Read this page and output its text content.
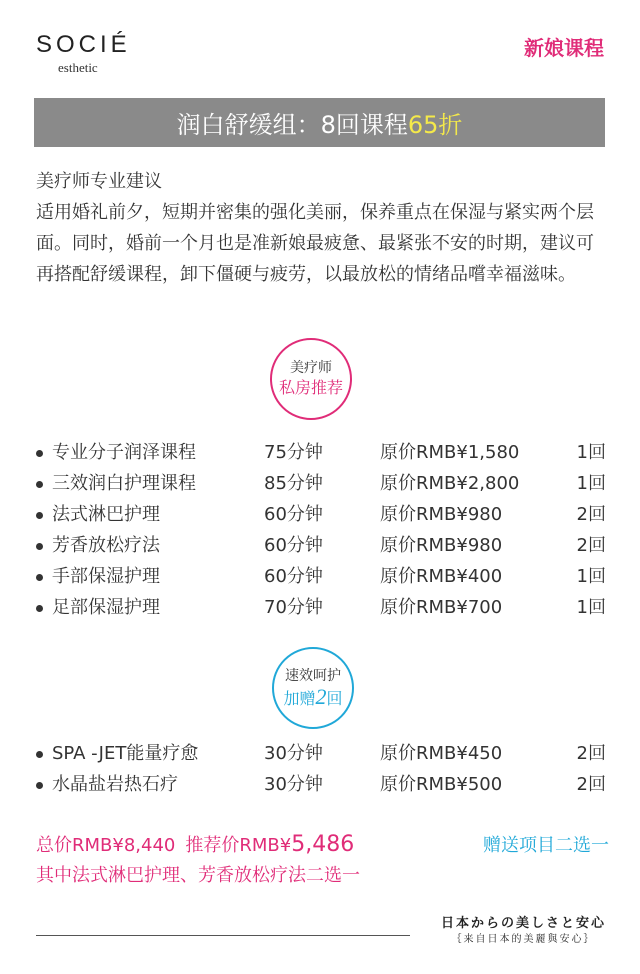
SOCIÉ
esthetic
新娘课程
润白舒缓组：8回课程 65折

美疗师专业建议

适用婚礼前夕，短期并密集的强化美丽，保养重点在保湿与紧实两个层面。同时，婚前一个月也是准新娘最疲惫、最紧张不安的时期，建议可再搭配舒缓课程，卸下僵硬与疲劳，以最放松的情绪品嚐幸福滋味。

美疗师
私房推荐
专业分子润泽课程	75分钟	原价RMB¥1,580	1回
三效润白护理课程	85分钟	原价RMB¥2,800	1回
法式淋巴护理	60分钟	原价RMB¥980	2回
芳香放松疗法	60分钟	原价RMB¥980	2回
手部保湿护理	60分钟	原价RMB¥400	1回
足部保湿护理	70分钟	原价RMB¥700	1回
速效呵护
加赠2回
SPA -JET能量疗愈	30分钟	原价RMB¥450	2回
水晶盐岩热石疗	30分钟	原价RMB¥500	2回
总价RMB¥8,440 推荐价RMB¥5,486	赠送项目二选一
其中法式淋巴护理、芳香放松疗法二选一
日本からの美しさと安心
｛来自日本的美麗與安心｝
